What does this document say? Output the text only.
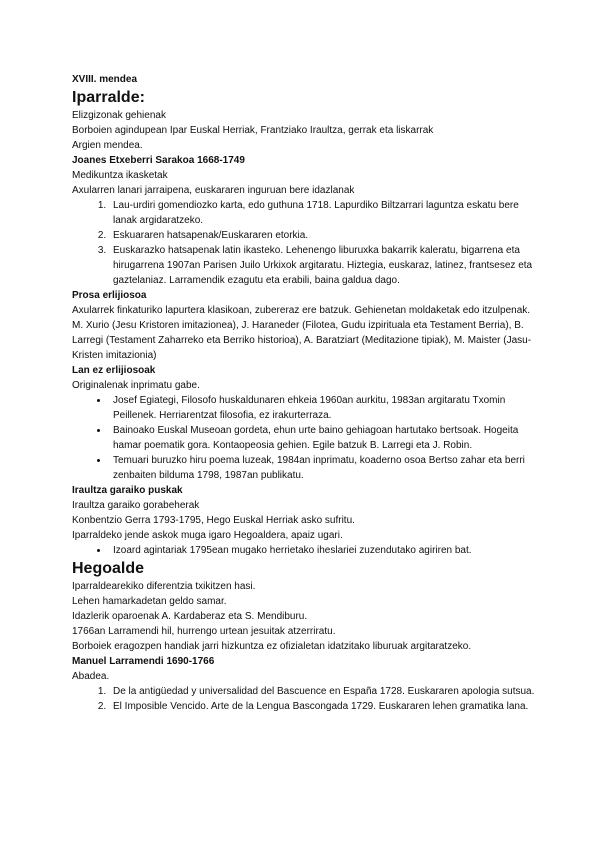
XVIII. mendea

Iparralde:

Elizgizonak gehienak

Borboien agindupean Ipar Euskal Herriak, Frantziako Iraultza, gerrak eta liskarrak

Argien mendea.

Joanes Etxeberri Sarakoa 1668-1749

Medikuntza ikasketak

Axularren lanari jarraipena, euskararen inguruan bere idazlanak

1. Lau-urdiri gomendiozko karta, edo guthuna 1718. Lapurdiko Biltzarrari laguntza eskatu bere lanak argidaratzeko.
2. Eskuararen hatsapenak/Euskararen etorkia.
3. Euskarazko hatsapenak latin ikasteko. Lehenengo liburuxka bakarrik kaleratu, bigarrena eta hirugarrena 1907an Parisen Juilo Urkixok argitaratu. Hiztegia, euskaraz, latinez, frantsesez eta gaztelaniaz. Larramendik ezagutu eta erabili, baina galdua dago.

Prosa erlijiosoa

Axularrek finkaturiko lapurtera klasikoan, zubereraz ere batzuk. Gehienetan moldaketak edo itzulpenak.

M. Xurio (Jesu Kristoren imitazionea), J. Haraneder (Filotea, Gudu izpirituala eta Testament Berria), B. Larregi (Testament Zaharreko eta Berriko historioa), A. Baratziart (Meditazione tipiak), M. Maister (Jasu-Kristen imitazionia)

Lan ez erlijiosoak

Originalenak inprimatu gabe.

• Josef Egiategi, Filosofo huskaldunaren ehkeia 1960an aurkitu, 1983an argitaratu Txomin Peillenek. Herriarentzat filosofia, ez irakurterraza.
• Bainoako Euskal Museoan gordeta, ehun urte baino gehiagoan hartutako bertsoak. Hogeita hamar poematik gora. Kontaopeosia gehien. Egile batzuk B. Larregi eta J. Robin.
• Temuari buruzko hiru poema luzeak, 1984an inprimatu, koaderno osoa Bertso zahar eta berri zenbaiten bilduma 1798, 1987an publikatu.

Iraultza garaiko puskak

Iraultza garaiko gorabeherak

Konbentzio Gerra 1793-1795, Hego Euskal Herriak asko sufritu.

Iparraldeko jende askok muga igaro Hegoaldera, apaiz ugari.

• Izoard agintariak 1795ean mugako herrietako iheslariei zuzendutako agiriren bat.
Hegoalde

Iparraldearekiko diferentzia txikitzen hasi.

Lehen hamarkadetan geldo samar.

Idazlerik oparoenak A. Kardaberaz eta S. Mendiburu.

1766an Larramendi hil, hurrengo urtean jesuitak atzerriratu.

Borboiek eragozpen handiak jarri hizkuntza ez ofizialetan idatzitako liburuak argitaratzeko.

Manuel Larramendi 1690-1766

Abadea.

1. De la antigüedad y universalidad del Bascuence en España 1728. Euskararen apologia sutsua.
2. El Imposible Vencido. Arte de la Lengua Bascongada 1729. Euskararen lehen gramatika lana.
